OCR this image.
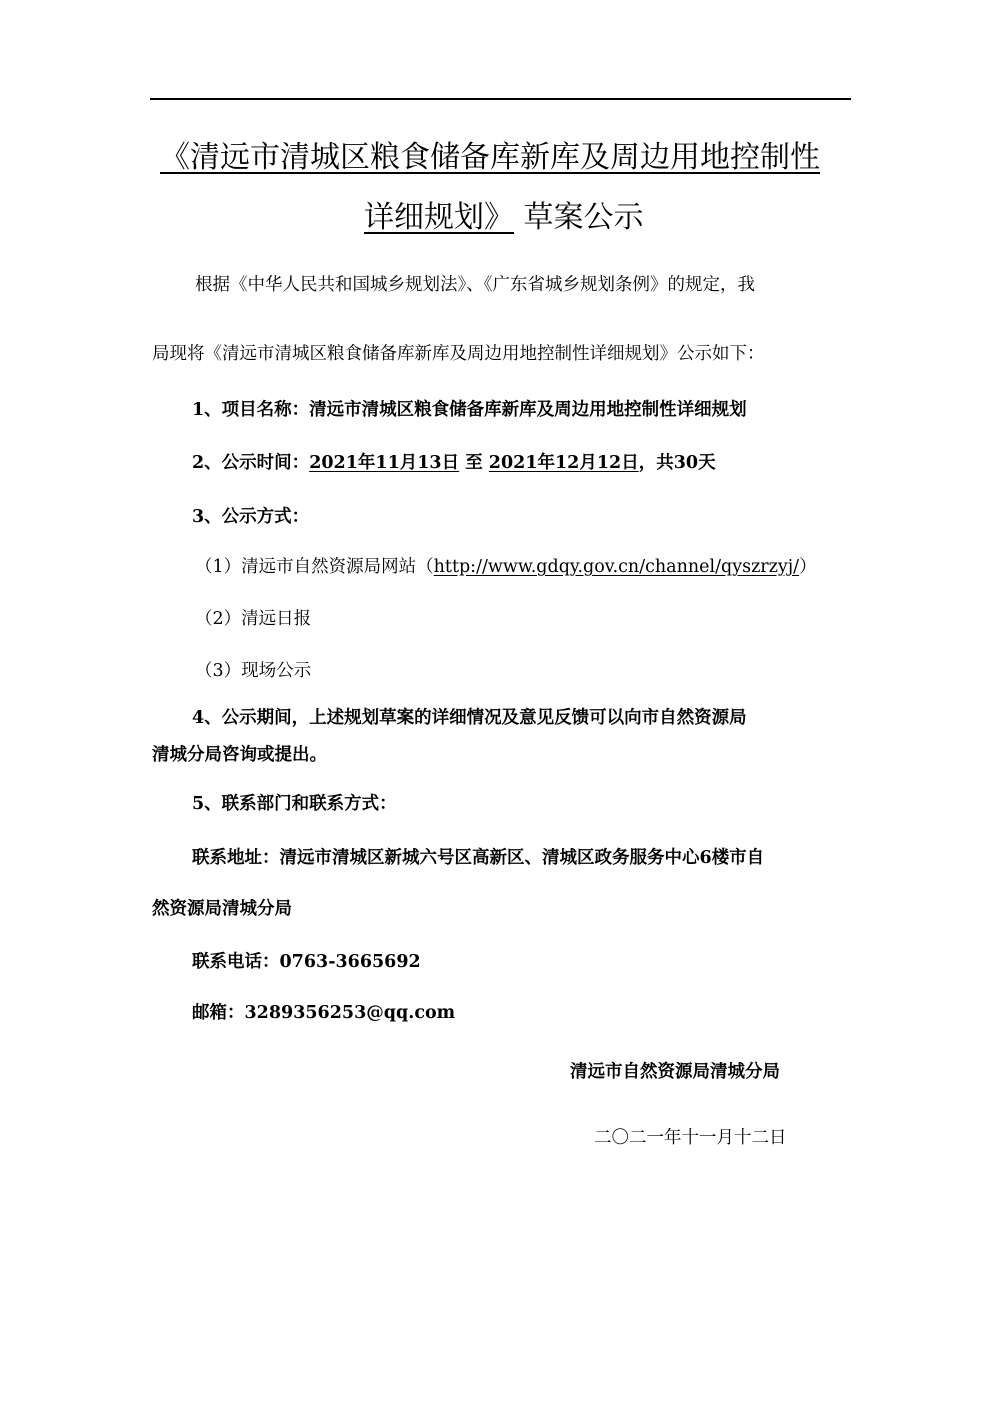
《清远市清城区粮食储备库新库及周边用地控制性
详细规划》 草案公示
根据《中华人民共和国城乡规划法》、《广东省城乡规划条例》的规定，我
局现将《清远市清城区粮食储备库新库及周边用地控制性详细规划》公示如下：
1、项目名称：清远市清城区粮食储备库新库及周边用地控制性详细规划
2、公示时间：2021年11月13日 至 2021年12月12日，共30天
3、公示方式：
（1）清远市自然资源局网站（http://www.gdqy.gov.cn/channel/qyszrzyj/）
（2）清远日报
（3）现场公示
4、公示期间，上述规划草案的详细情况及意见反馈可以向市自然资源局
清城分局咨询或提出。
5、联系部门和联系方式：
联系地址：清远市清城区新城六号区高新区、清城区政务服务中心6楼市自
然资源局清城分局
联系电话：0763-3665692
邮箱：3289356253@qq.com
清远市自然资源局清城分局
二〇二一年十一月十二日
